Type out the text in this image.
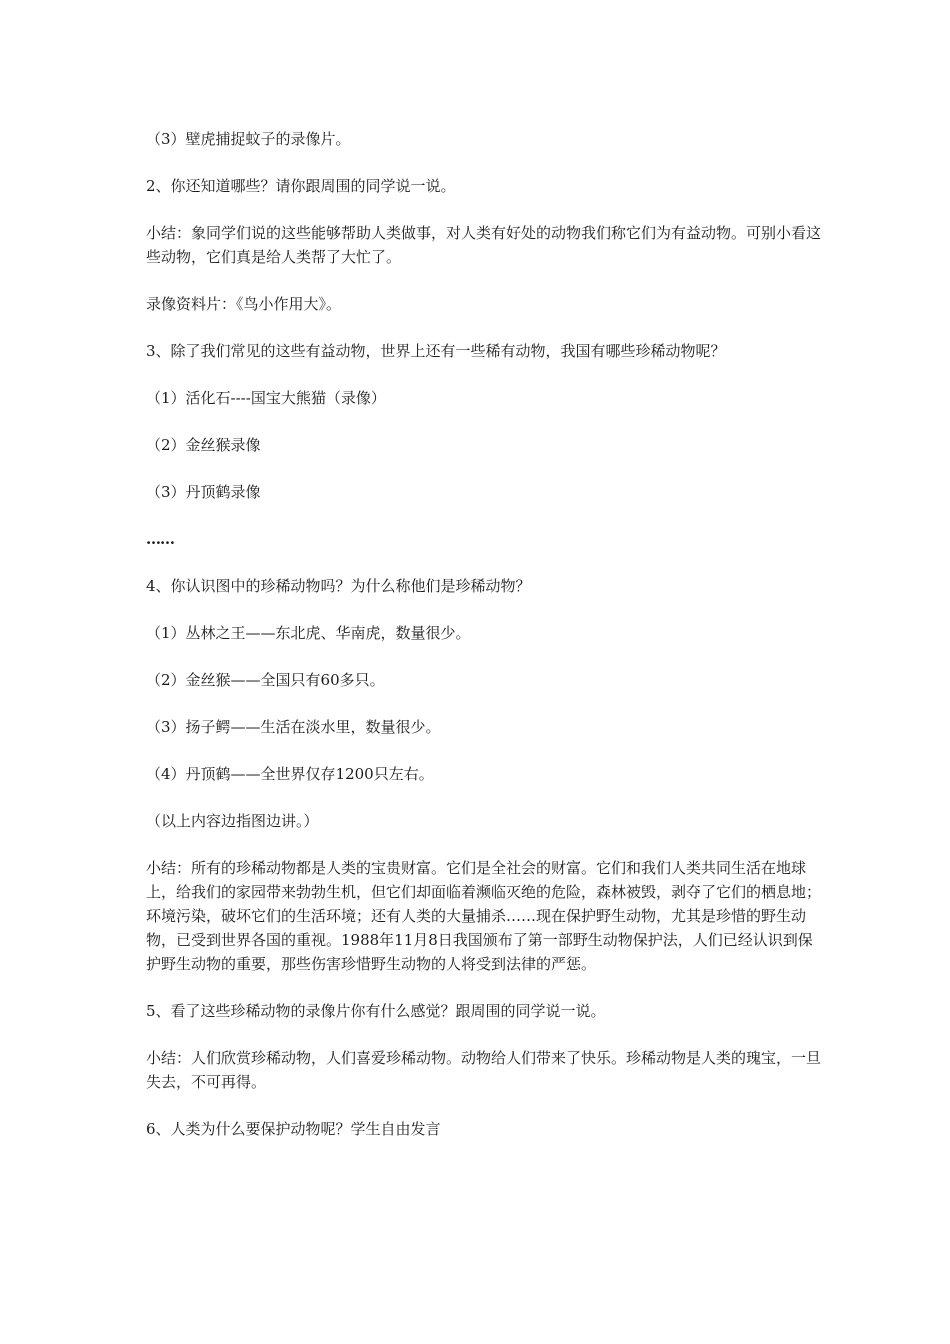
（3）壁虎捕捉蚊子的录像片。

2、你还知道哪些？请你跟周围的同学说一说。

小结：象同学们说的这些能够帮助人类做事，对人类有好处的动物我们称它们为有益动物。可别小看这些动物，它们真是给人类帮了大忙了。

录像资料片：《鸟小作用大》。

3、除了我们常见的这些有益动物，世界上还有一些稀有动物，我国有哪些珍稀动物呢？

（1）活化石----国宝大熊猫（录像）

（2）金丝猴录像

（3）丹顶鹤录像

……

4、你认识图中的珍稀动物吗？为什么称他们是珍稀动物？

（1）丛林之王——东北虎、华南虎，数量很少。

（2）金丝猴——全国只有60多只。

（3）扬子鳄——生活在淡水里，数量很少。

（4）丹顶鹤——全世界仅存1200只左右。

（以上内容边指图边讲。）

小结：所有的珍稀动物都是人类的宝贵财富。它们是全社会的财富。它们和我们人类共同生活在地球上，给我们的家园带来勃勃生机，但它们却面临着濒临灭绝的危险，森林被毁，剥夺了它们的栖息地；环境污染，破坏它们的生活环境；还有人类的大量捕杀……现在保护野生动物，尤其是珍惜的野生动物，已受到世界各国的重视。1988年11月8日我国颁布了第一部野生动物保护法，人们已经认识到保护野生动物的重要，那些伤害珍惜野生动物的人将受到法律的严惩。

5、看了这些珍稀动物的录像片你有什么感觉？跟周围的同学说一说。

小结：人们欣赏珍稀动物，人们喜爱珍稀动物。动物给人们带来了快乐。珍稀动物是人类的瑰宝，一旦失去，不可再得。

6、人类为什么要保护动物呢？学生自由发言
